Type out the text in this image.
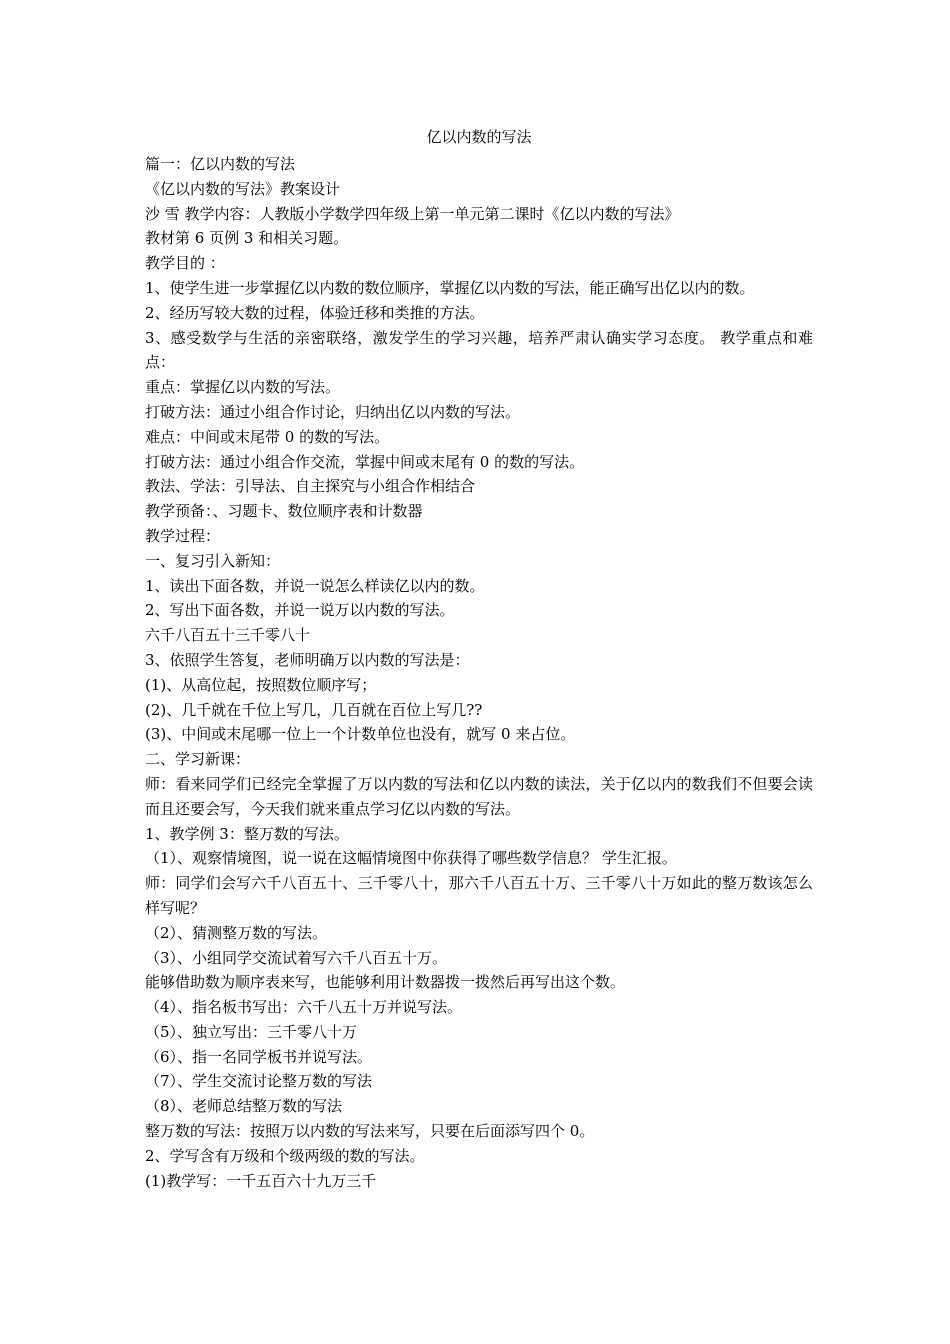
亿以内数的写法

篇一：亿以内数的写法

《亿以内数的写法》教案设计

沙 雪 教学内容：人教版小学数学四年级上第一单元第二课时《亿以内数的写法》

教材第 6 页例 3 和相关习题。

教学目的 ：

1、使学生进一步掌握亿以内数的数位顺序，掌握亿以内数的写法，能正确写出亿以内的数。

2、经历写较大数的过程，体验迁移和类推的方法。

3、感受数学与生活的亲密联络，激发学生的学习兴趣，培养严肃认确实学习态度。 教学重点和难点：

重点：掌握亿以内数的写法。

打破方法：通过小组合作讨论，归纳出亿以内数的写法。

难点：中间或末尾带 0 的数的写法。

打破方法：通过小组合作交流，掌握中间或末尾有 0 的数的写法。

教法、学法：引导法、自主探究与小组合作相结合

教学预备：、习题卡、数位顺序表和计数器

教学过程：

一、复习引入新知：

1、读出下面各数，并说一说怎么样读亿以内的数。

2、写出下面各数，并说一说万以内数的写法。

六千八百五十三千零八十

3、依照学生答复，老师明确万以内数的写法是：

(1)、从高位起，按照数位顺序写；

(2)、几千就在千位上写几，几百就在百位上写几??

(3)、中间或末尾哪一位上一个计数单位也没有，就写 0 来占位。

二、学习新课：

师：看来同学们已经完全掌握了万以内数的写法和亿以内数的读法，关于亿以内的数我们不但要会读而且还要会写，今天我们就来重点学习亿以内数的写法。

1、教学例 3：整万数的写法。

（1）、观察情境图，说一说在这幅情境图中你获得了哪些数学信息？ 学生汇报。

师：同学们会写六千八百五十、三千零八十，那六千八百五十万、三千零八十万如此的整万数该怎么样写呢？

（2）、猜测整万数的写法。

（3）、小组同学交流试着写六千八百五十万。

能够借助数为顺序表来写，也能够利用计数器拨一拨然后再写出这个数。

（4）、指名板书写出：六千八五十万并说写法。

（5）、独立写出：三千零八十万

（6）、指一名同学板书并说写法。

（7）、学生交流讨论整万数的写法

（8）、老师总结整万数的写法

整万数的写法：按照万以内数的写法来写，只要在后面添写四个 0。

2、学写含有万级和个级两级的数的写法。

(1)教学写：一千五百六十九万三千
